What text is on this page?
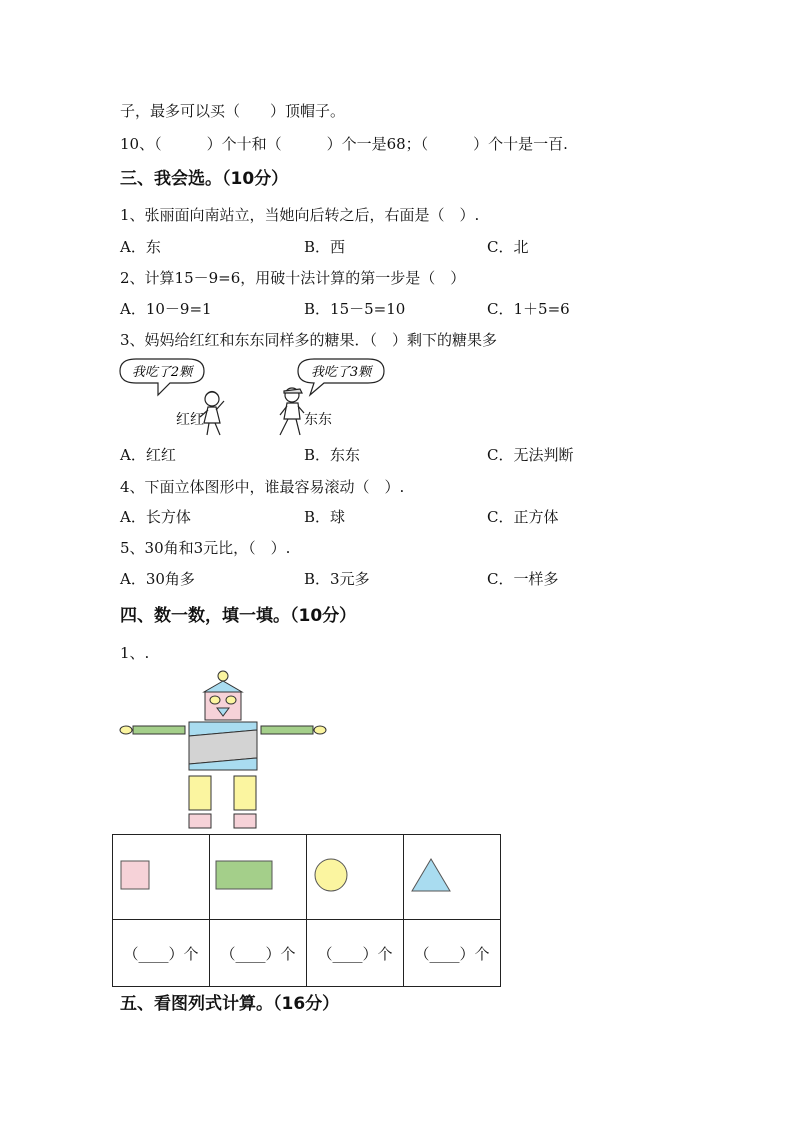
子，最多可以买（　　）顶帽子。
10、（　　　）个十和（　　　）个一是68；（　　　）个十是一百.
三、我会选。（10分）
1、张丽面向南站立，当她向后转之后，右面是（　）.
A．东	B．西	C．北
2、计算15－9=6，用破十法计算的第一步是（　）
A．10－9=1	B．15－5=10	C．1＋5=6
3、妈妈给红红和东东同样多的糖果．（　）剩下的糖果多
我吃了2颗	我吃了3颗
红红	东东
A．红红	B．东东	C．无法判断
4、下面立体图形中，谁最容易滚动（　）.
A．长方体	B．球	C．正方体
5、30角和3元比，（　）.
A．30角多	B．3元多	C．一样多
四、数一数，填一填。（10分）
1、.

（____）个	（____）个	（____）个	（____）个
五、看图列式计算。（16分）
